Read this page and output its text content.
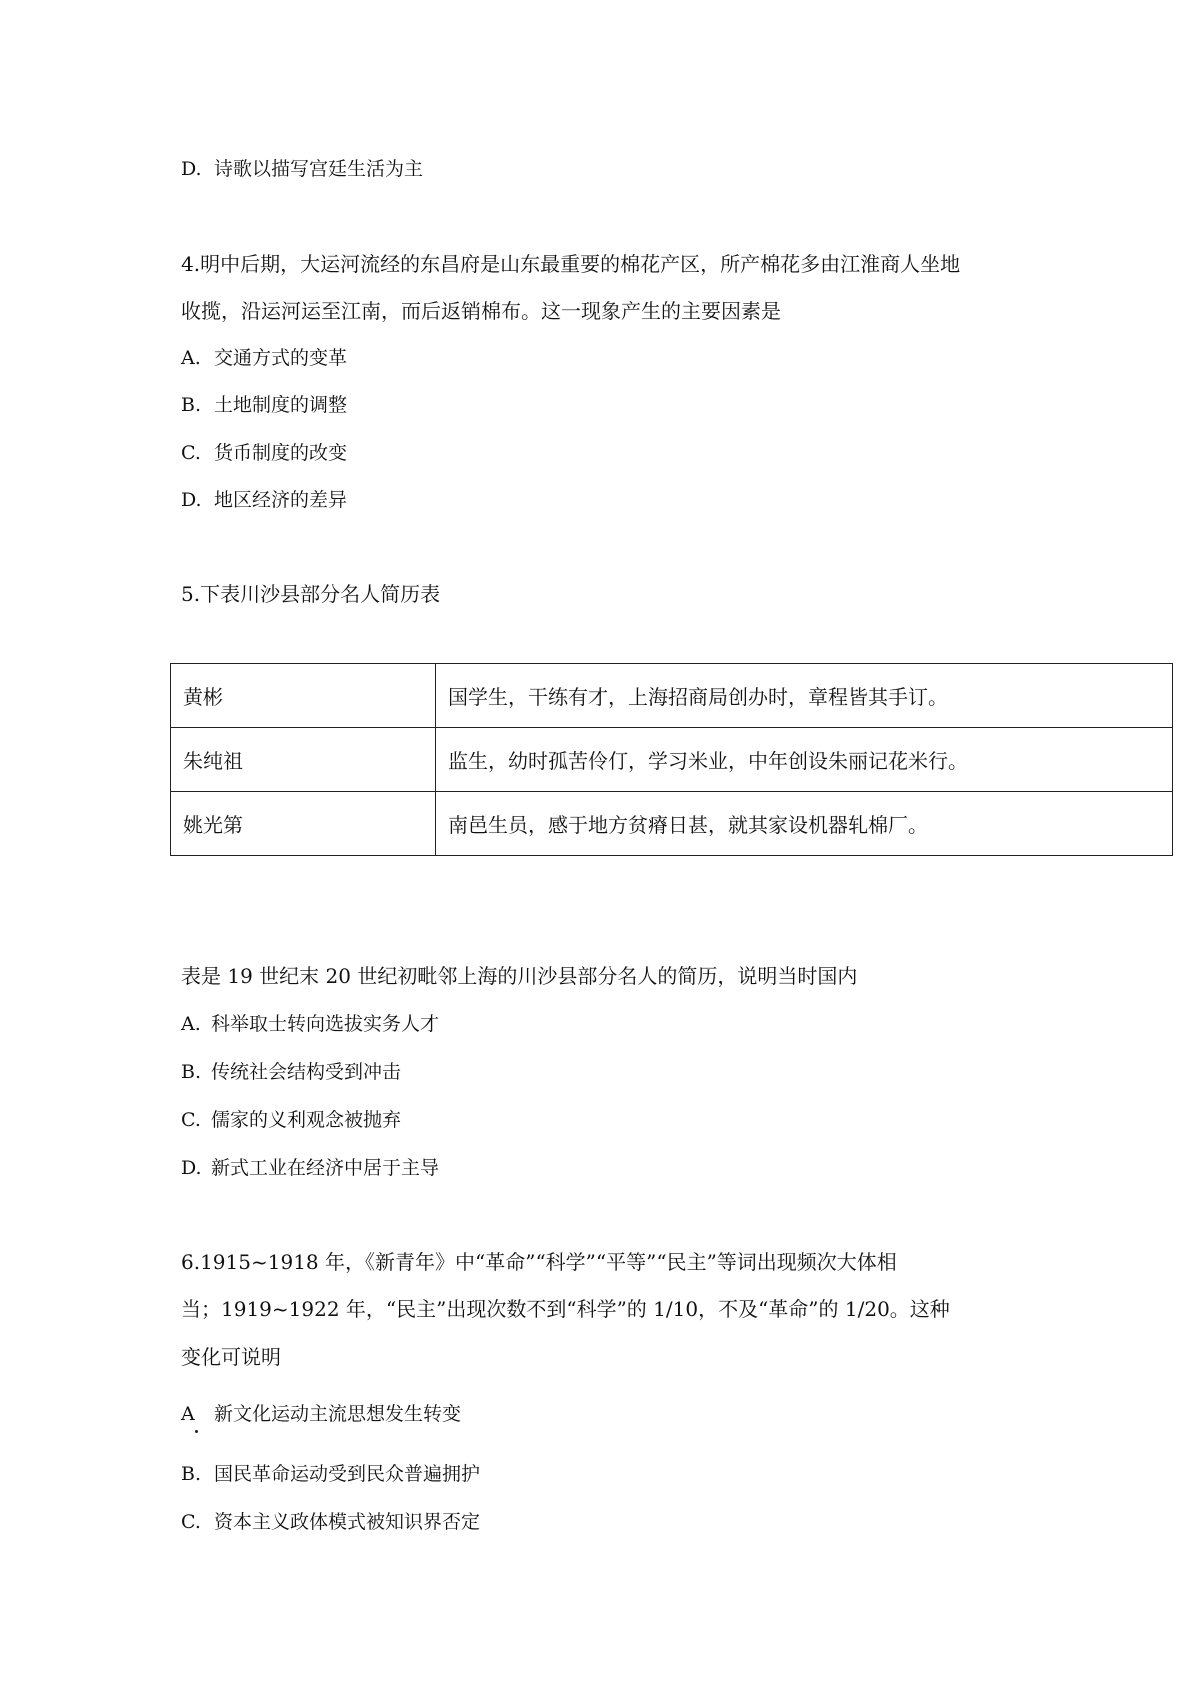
D. 诗歌以描写宫廷生活为主
4.明中后期，大运河流经的东昌府是山东最重要的棉花产区，所产棉花多由江淮商人坐地
收揽，沿运河运至江南，而后返销棉布。这一现象产生的主要因素是
A. 交通方式的变革
B. 土地制度的调整
C. 货币制度的改变
D. 地区经济的差异
5.下表川沙县部分名人简历表
黄彬	国学生，干练有才，上海招商局创办时，章程皆其手订。
朱纯祖	监生，幼时孤苦伶仃，学习米业，中年创设朱丽记花米行。
姚光第	南邑生员，感于地方贫瘠日甚，就其家设机器轧棉厂。
表是 19 世纪末 20 世纪初毗邻上海的川沙县部分名人的简历，说明当时国内
A. 科举取士转向选拔实务人才
B. 传统社会结构受到冲击
C. 儒家的义利观念被抛弃
D. 新式工业在经济中居于主导
6.1915~1918 年，《新青年》中“革命”“科学”“平等”“民主”等词出现频次大体相
当；1919~1922 年，“民主”出现次数不到“科学”的 1/10，不及“革命”的 1/20。这种
变化可说明
A 新文化运动主流思想发生转变
B. 国民革命运动受到民众普遍拥护
C. 资本主义政体模式被知识界否定
